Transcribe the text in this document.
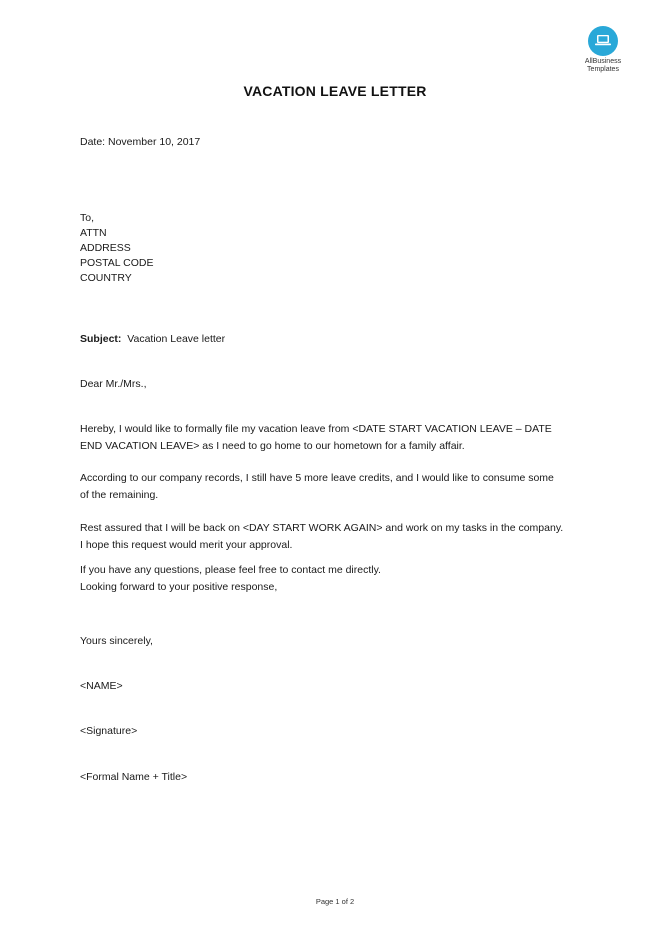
AllBusiness
Templates
VACATION LEAVE LETTER
Date: November 10, 2017
To,
ATTN
ADDRESS
POSTAL CODE
COUNTRY
Subject: Vacation Leave letter
Dear Mr./Mrs.,
Hereby, I would like to formally file my vacation leave from <DATE START VACATION LEAVE – DATE
END VACATION LEAVE> as I need to go home to our hometown for a family affair.
According to our company records, I still have 5 more leave credits, and I would like to consume some
of the remaining.
Rest assured that I will be back on <DAY START WORK AGAIN> and work on my tasks in the company.
I hope this request would merit your approval.
If you have any questions, please feel free to contact me directly.
Looking forward to your positive response,
Yours sincerely,
<NAME>
<Signature>
<Formal Name + Title>
Page 1 of 2
